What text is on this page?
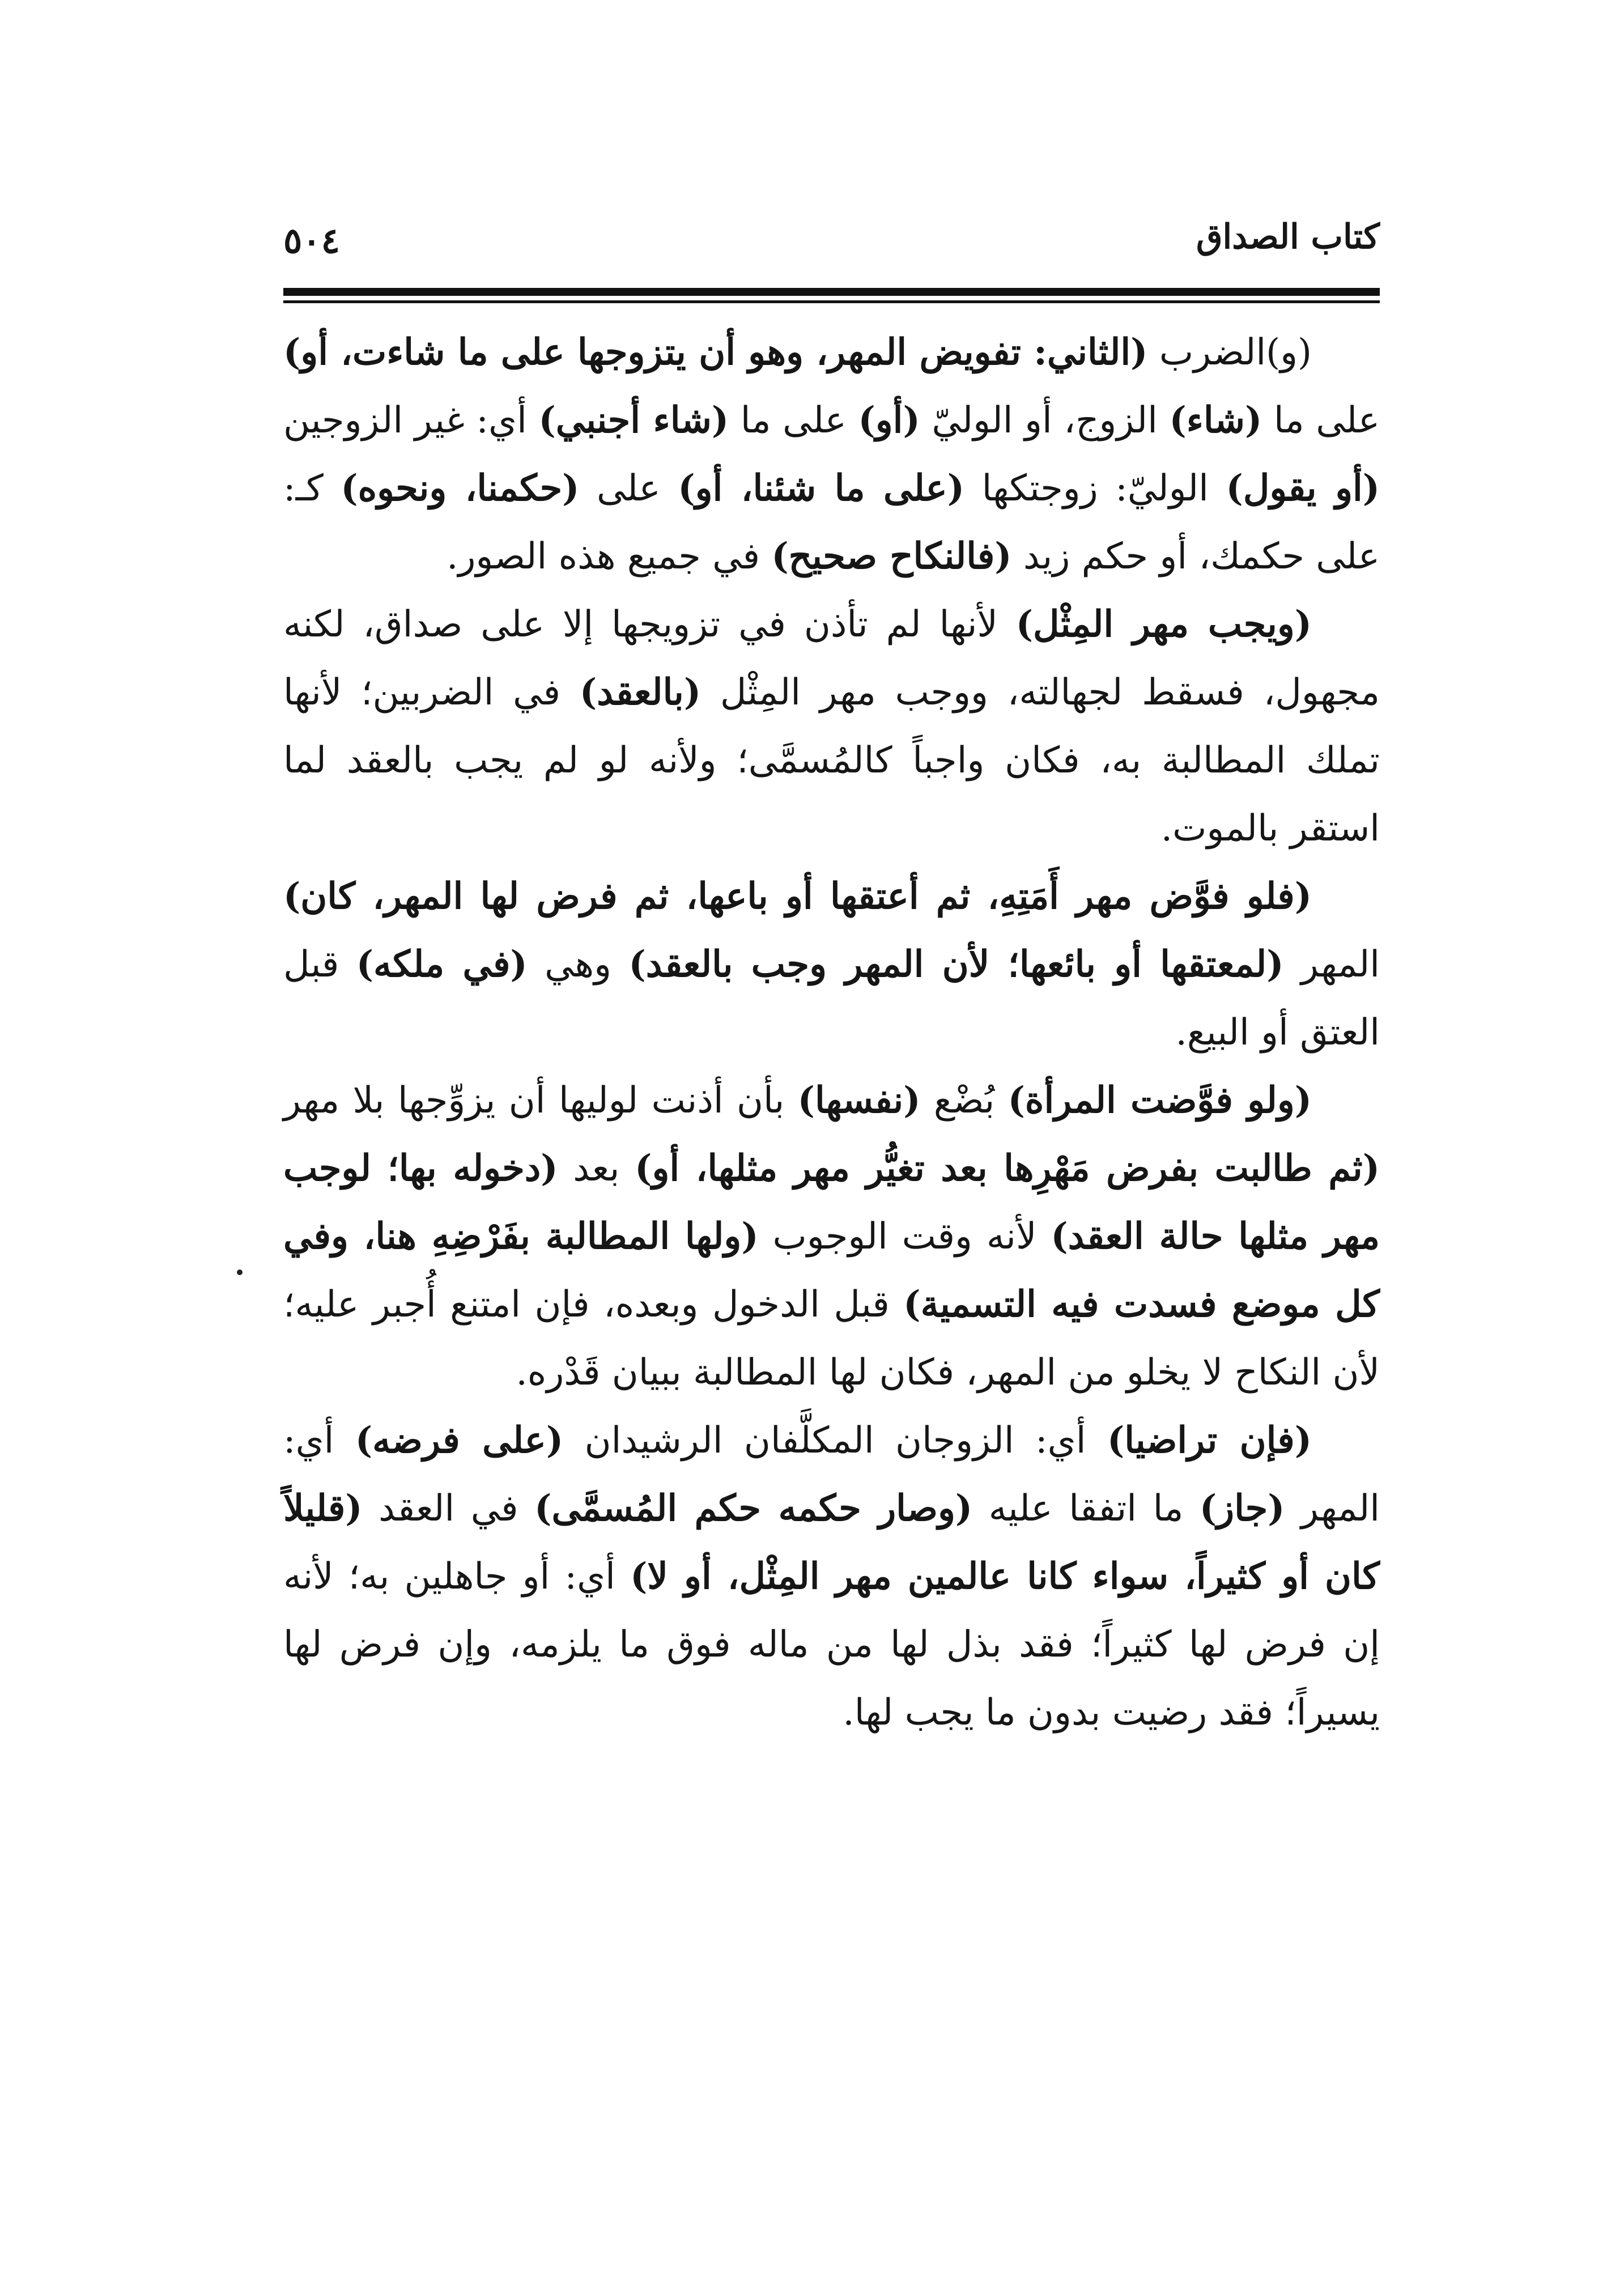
كتاب الصداق
٥٠٤

(و)الضرب (الثاني: تفويض المهر، وهو أن يتزوجها على ما شاءت، أو) على ما (شاء) الزوج، أو الوليّ (أو) على ما (شاء أجنبي) أي: غير الزوجين (أو يقول) الوليّ: زوجتكها (على ما شئنا، أو) على (حكمنا، ونحوه) كـ: على حكمك، أو حكم زيد (فالنكاح صحيح) في جميع هذه الصور.

(ويجب مهر المِثْل) لأنها لم تأذن في تزويجها إلا على صداق، لكنه مجهول، فسقط لجهالته، ووجب مهر المِثْل (بالعقد) في الضربين؛ لأنها تملك المطالبة به، فكان واجباً كالمُسمَّى؛ ولأنه لو لم يجب بالعقد لما استقر بالموت.

(فلو فوَّض مهر أَمَتِهِ، ثم أعتقها أو باعها، ثم فرض لها المهر، كان) المهر (لمعتقها أو بائعها؛ لأن المهر وجب بالعقد) وهي (في ملكه) قبل العتق أو البيع.

(ولو فوَّضت المرأة) بُضْع (نفسها) بأن أذنت لوليها أن يزوِّجها بلا مهر (ثم طالبت بفرض مَهْرِها بعد تغيُّر مهر مثلها، أو) بعد (دخوله بها؛ لوجب مهر مثلها حالة العقد) لأنه وقت الوجوب (ولها المطالبة بفَرْضِهِ هنا، وفي كل موضع فسدت فيه التسمية) قبل الدخول وبعده، فإن امتنع أُجبر عليه؛ لأن النكاح لا يخلو من المهر، فكان لها المطالبة ببيان قَدْره.

(فإن تراضيا) أي: الزوجان المكلَّفان الرشيدان (على فرضه) أي: المهر (جاز) ما اتفقا عليه (وصار حكمه حكم المُسمَّى) في العقد (قليلاً كان أو كثيراً، سواء كانا عالمين مهر المِثْل، أو لا) أي: أو جاهلين به؛ لأنه إن فرض لها كثيراً؛ فقد بذل لها من ماله فوق ما يلزمه، وإن فرض لها يسيراً؛ فقد رضيت بدون ما يجب لها.
